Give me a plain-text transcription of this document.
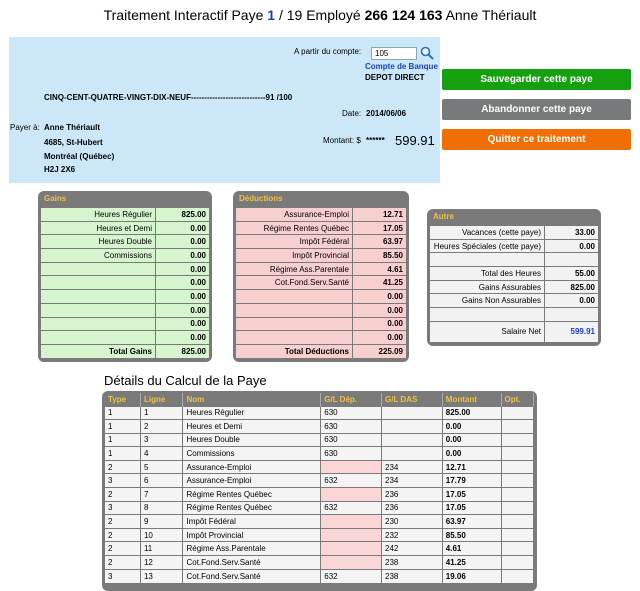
Traitement Interactif Paye 1 / 19 Employé 266 124 163 Anne Thériault
A partir du compte:
105
Compte de Banque
DEPOT DIRECT
CINQ-CENT-QUATRE-VINGT-DIX-NEUF----------------------------91 /100
Date: 2014/06/06
Payer à: Anne Thériault
4685, St-Hubert
Montréal (Québec)
H2J 2X6
Montant: $ ****** 599.91
Sauvegarder cette paye
Abandonner cette paye
Quitter ce traitement
Gains
Heures Régulier	825.00
Heures et Demi	0.00
Heures Double	0.00
Commissions	0.00
	0.00
	0.00
	0.00
	0.00
	0.00
	0.00
Total Gains	825.00
Déductions
Assurance-Emploi	12.71
Régime Rentes Québec	17.05
Impôt Fédéral	63.97
Impôt Provincial	85.50
Régime Ass.Parentale	4.61
Cot.Fond.Serv.Santé	41.25
	0.00
	0.00
	0.00
	0.00
Total Déductions	225.09
Autre
Vacances (cette paye)	33.00
Heures Spéciales (cette paye)	0.00

Total des Heures	55.00
Gains Assurables	825.00
Gains Non Assurables	0.00

Salaire Net	599.91
Détails du Calcul de la Paye
Type	Ligne	Nom	G/L Dép.	G/L DAS	Montant	Opt.
1	1	Heures Régulier	630		825.00	
1	2	Heures et Demi	630		0.00	
1	3	Heures Double	630		0.00	
1	4	Commissions	630		0.00	
2	5	Assurance-Emploi		234	12.71	
3	6	Assurance-Emploi	632	234	17.79	
2	7	Régime Rentes Québec		236	17.05	
3	8	Régime Rentes Québec	632	236	17.05	
2	9	Impôt Fédéral		230	63.97	
2	10	Impôt Provincial		232	85.50	
2	11	Régime Ass.Parentale		242	4.61	
2	12	Cot.Fond.Serv.Santé		238	41.25	
3	13	Cot.Fond.Serv.Santé	632	238	19.06	
